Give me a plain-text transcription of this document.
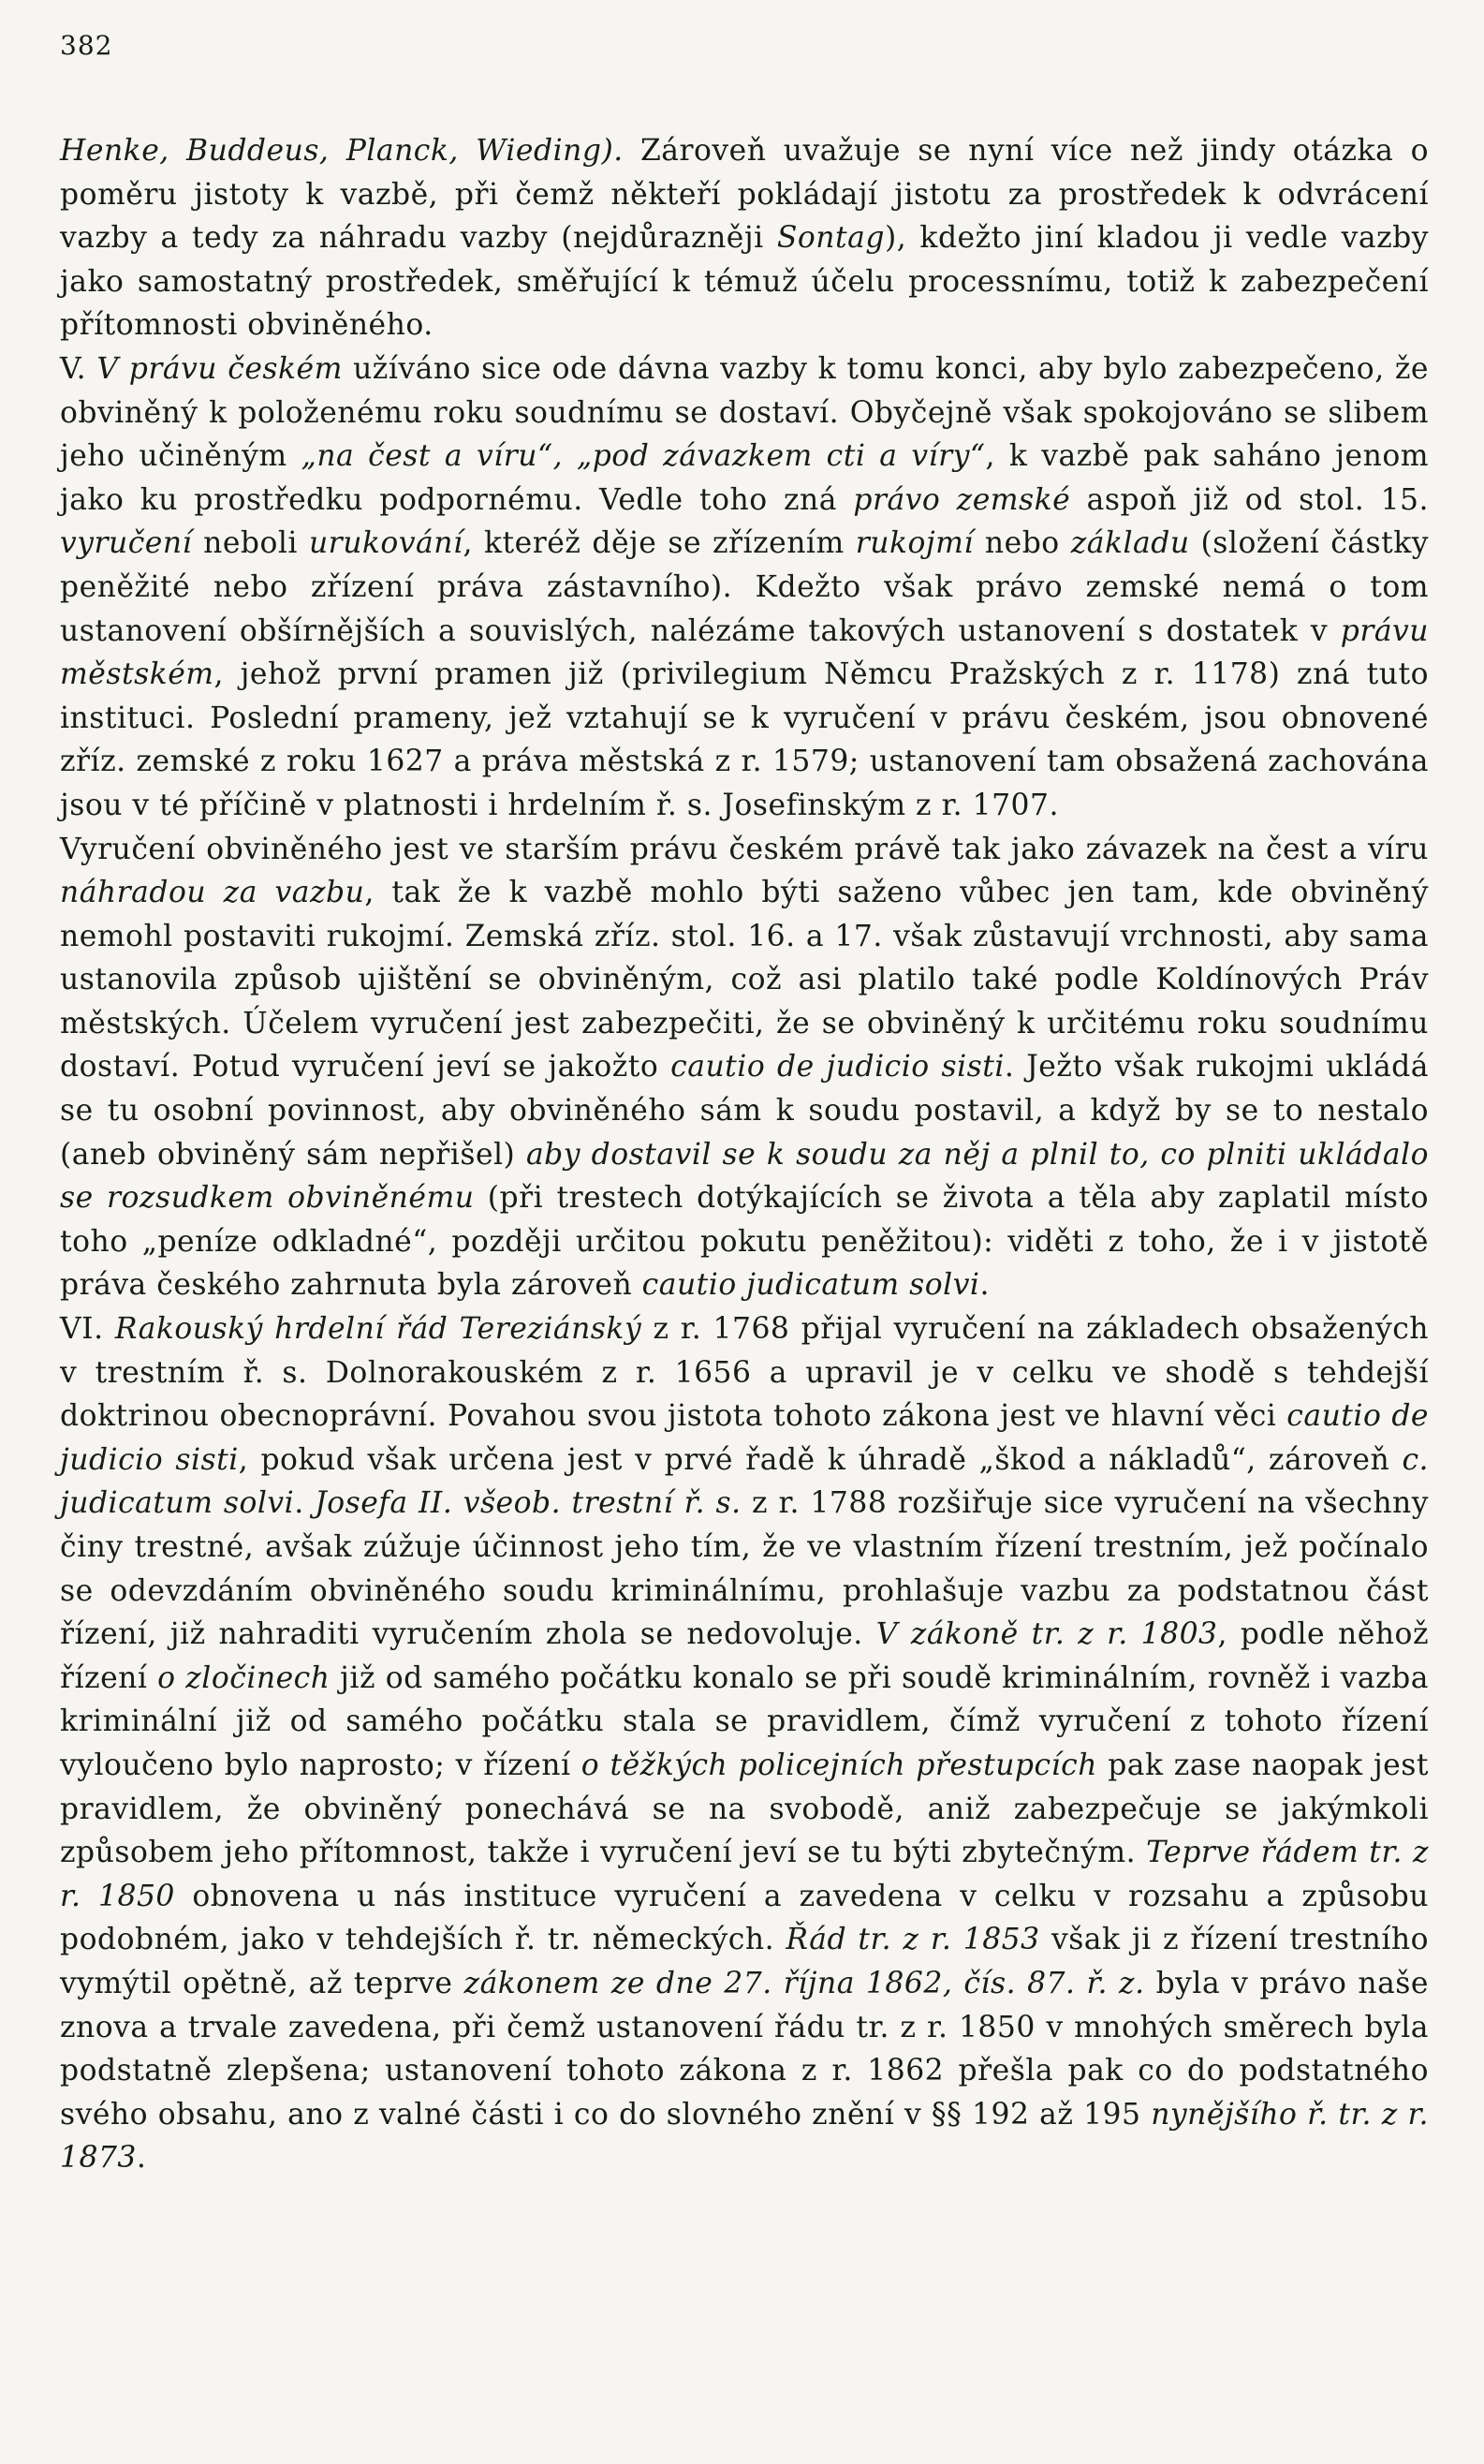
382

Henke, Buddeus, Planck, Wieding). Zároveň uvažuje se nyní více než jindy otázka o poměru jistoty k vazbě, při čemž někteří pokládají jistotu za prostředek k odvrácení vazby a tedy za náhradu vazby (nejdůrazněji Sontag), kdežto jiní kladou ji vedle vazby jako samostatný prostředek, směřující k témuž účelu processnímu, totiž k zabezpečení přítomnosti obviněného.

V. V právu českém užíváno sice ode dávna vazby k tomu konci, aby bylo zabezpečeno, že obviněný k položenému roku soudnímu se dostaví. Obyčejně však spokojováno se slibem jeho učiněným „na čest a víru“, „pod závazkem cti a víry“, k vazbě pak saháno jenom jako ku prostředku podpornému. Vedle toho zná právo zemské aspoň již od stol. 15. vyručení neboli urukování, kteréž děje se zřízením rukojmí nebo základu (složení částky peněžité nebo zřízení práva zástavního). Kdežto však právo zemské nemá o tom ustanovení obšírnějších a souvislých, nalézáme takových ustanovení s dostatek v právu městském, jehož první pramen již (privilegium Němcu Pražských z r. 1178) zná tuto instituci. Poslední prameny, jež vztahují se k vyručení v právu českém, jsou obnovené zříz. zemské z roku 1627 a práva městská z r. 1579; ustanovení tam obsažená zachována jsou v té příčině v platnosti i hrdelním ř. s. Josefinským z r. 1707.

Vyručení obviněného jest ve starším právu českém právě tak jako závazek na čest a víru náhradou za vazbu, tak že k vazbě mohlo býti saženo vůbec jen tam, kde obviněný nemohl postaviti rukojmí. Zemská zříz. stol. 16. a 17. však zůstavují vrchnosti, aby sama ustanovila způsob ujištění se obviněným, což asi platilo také podle Koldínových Práv městských. Účelem vyručení jest zabezpečiti, že se obviněný k určitému roku soudnímu dostaví. Potud vyručení jeví se jakožto cautio de judicio sisti. Ježto však rukojmi ukládá se tu osobní povinnost, aby obviněného sám k soudu postavil, a když by se to nestalo (aneb obviněný sám nepřišel) aby dostavil se k soudu za něj a plnil to, co plniti ukládalo se rozsudkem obviněnému (při trestech dotýkajících se života a těla aby zaplatil místo toho „peníze odkladné“, později určitou pokutu peněžitou): viděti z toho, že i v jistotě práva českého zahrnuta byla zároveň cautio judicatum solvi.

VI. Rakouský hrdelní řád Tereziánský z r. 1768 přijal vyručení na základech obsažených v trestním ř. s. Dolnorakouském z r. 1656 a upravil je v celku ve shodě s tehdejší doktrinou obecnoprávní. Povahou svou jistota tohoto zákona jest ve hlavní věci cautio de judicio sisti, pokud však určena jest v prvé řadě k úhradě „škod a nákladů“, zároveň c. judicatum solvi. Josefa II. všeob. trestní ř. s. z r. 1788 rozšiřuje sice vyručení na všechny činy trestné, avšak zúžuje účinnost jeho tím, že ve vlastním řízení trestním, jež počínalo se odevzdáním obviněného soudu kriminálnímu, prohlašuje vazbu za podstatnou část řízení, již nahraditi vyručením zhola se nedovoluje. V zákoně tr. z r. 1803, podle něhož řízení o zločinech již od samého počátku konalo se při soudě kriminálním, rovněž i vazba kriminální již od samého počátku stala se pravidlem, čímž vyručení z tohoto řízení vyloučeno bylo naprosto; v řízení o těžkých policejních přestupcích pak zase naopak jest pravidlem, že obviněný ponechává se na svobodě, aniž zabezpečuje se jakýmkoli způsobem jeho přítomnost, takže i vyručení jeví se tu býti zbytečným. Teprve řádem tr. z r. 1850 obnovena u nás instituce vyručení a zavedena v celku v rozsahu a způsobu podobném, jako v tehdejších ř. tr. německých. Řád tr. z r. 1853 však ji z řízení trestního vymýtil opětně, až teprve zákonem ze dne 27. října 1862, čís. 87. ř. z. byla v právo naše znova a trvale zavedena, při čemž ustanovení řádu tr. z r. 1850 v mnohých směrech byla podstatně zlepšena; ustanovení tohoto zákona z r. 1862 přešla pak co do podstatného svého obsahu, ano z valné části i co do slovného znění v §§ 192 až 195 nynějšího ř. tr. z r. 1873.
